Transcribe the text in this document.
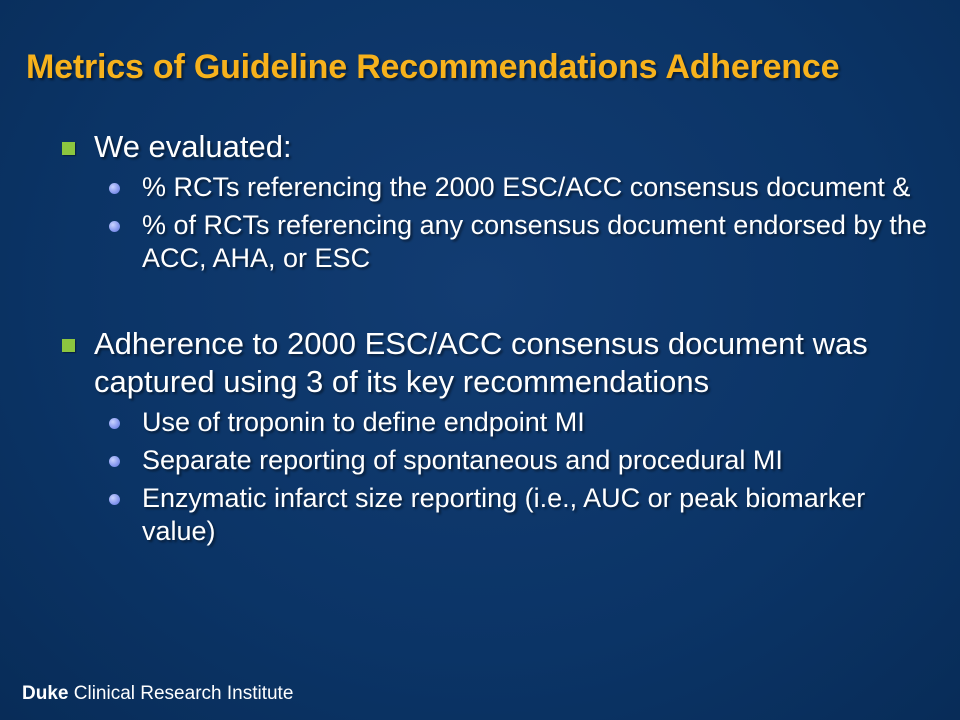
Metrics of Guideline Recommendations Adherence
We evaluated:
% RCTs referencing the 2000 ESC/ACC consensus document &
% of RCTs referencing any consensus document endorsed by the ACC, AHA, or ESC
Adherence to 2000 ESC/ACC consensus document was captured using 3 of its key recommendations
Use of troponin to define endpoint MI
Separate reporting of spontaneous and procedural MI
Enzymatic infarct size reporting (i.e., AUC or peak biomarker value)
Duke Clinical Research Institute
